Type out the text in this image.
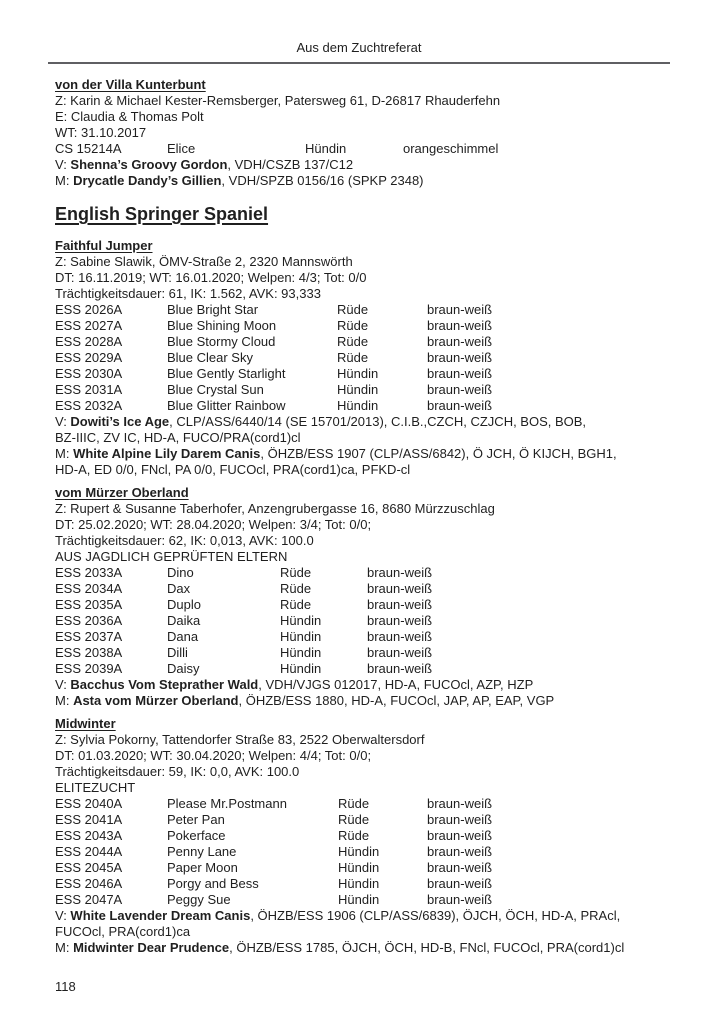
Aus dem Zuchtreferat
von der Villa Kunterbunt
Z: Karin & Michael Kester-Remsberger, Patersweg 61, D-26817 Rhauderfehn
E: Claudia & Thomas Polt
WT: 31.10.2017
CS 15214A	Elice	Hündin	orangeschimmel
V: Shenna’s Groovy Gordon, VDH/CSZB 137/C12
M: Drycatle Dandy’s Gillien, VDH/SPZB 0156/16 (SPKP 2348)
English Springer Spaniel
Faithful Jumper
Z: Sabine Slawik, ÖMV-Straße 2, 2320 Mannswörth
DT: 16.11.2019; WT: 16.01.2020; Welpen: 4/3; Tot: 0/0
Trächtigkeitsdauer: 61, IK: 1.562, AVK: 93,333
ESS 2026A	Blue Bright Star	Rüde	braun-weiß
ESS 2027A	Blue Shining Moon	Rüde	braun-weiß
ESS 2028A	Blue Stormy Cloud	Rüde	braun-weiß
ESS 2029A	Blue Clear Sky	Rüde	braun-weiß
ESS 2030A	Blue Gently Starlight	Hündin	braun-weiß
ESS 2031A	Blue Crystal Sun	Hündin	braun-weiß
ESS 2032A	Blue Glitter Rainbow	Hündin	braun-weiß
V: Dowiti’s Ice Age, CLP/ASS/6440/14 (SE 15701/2013), C.I.B.,CZCH, CZJCH, BOS, BOB,
BZ-IIIC, ZV IC, HD-A, FUCO/PRA(cord1)cl
M: White Alpine Lily Darem Canis, ÖHZB/ESS 1907 (CLP/ASS/6842), Ö JCH, Ö KIJCH, BGH1,
HD-A, ED 0/0, FNcl, PA 0/0, FUCOcl, PRA(cord1)ca, PFKD-cl
vom Mürzer Oberland
Z: Rupert & Susanne Taberhofer, Anzengrubergasse 16, 8680 Mürzzuschlag
DT: 25.02.2020; WT: 28.04.2020; Welpen: 3/4; Tot: 0/0;
Trächtigkeitsdauer: 62, IK: 0,013, AVK: 100.0
AUS JAGDLICH GEPRÜFTEN ELTERN
ESS 2033A	Dino	Rüde	braun-weiß
ESS 2034A	Dax	Rüde	braun-weiß
ESS 2035A	Duplo	Rüde	braun-weiß
ESS 2036A	Daika	Hündin	braun-weiß
ESS 2037A	Dana	Hündin	braun-weiß
ESS 2038A	Dilli	Hündin	braun-weiß
ESS 2039A	Daisy	Hündin	braun-weiß
V: Bacchus Vom Steprather Wald, VDH/VJGS 012017, HD-A, FUCOcl, AZP, HZP
M: Asta vom Mürzer Oberland, ÖHZB/ESS 1880, HD-A, FUCOcl, JAP, AP, EAP, VGP
Midwinter
Z: Sylvia Pokorny, Tattendorfer Straße 83, 2522 Oberwaltersdorf
DT: 01.03.2020; WT: 30.04.2020; Welpen: 4/4; Tot: 0/0;
Trächtigkeitsdauer: 59, IK: 0,0, AVK: 100.0
ELITEZUCHT
ESS 2040A	Please Mr.Postmann	Rüde	braun-weiß
ESS 2041A	Peter Pan	Rüde	braun-weiß
ESS 2043A	Pokerface	Rüde	braun-weiß
ESS 2044A	Penny Lane	Hündin	braun-weiß
ESS 2045A	Paper Moon	Hündin	braun-weiß
ESS 2046A	Porgy and Bess	Hündin	braun-weiß
ESS 2047A	Peggy Sue	Hündin	braun-weiß
V: White Lavender Dream Canis, ÖHZB/ESS 1906 (CLP/ASS/6839), ÖJCH, ÖCH, HD-A, PRAcl,
FUCOcl, PRA(cord1)ca
M: Midwinter Dear Prudence, ÖHZB/ESS 1785, ÖJCH, ÖCH, HD-B, FNcl, FUCOcl, PRA(cord1)cl
118
